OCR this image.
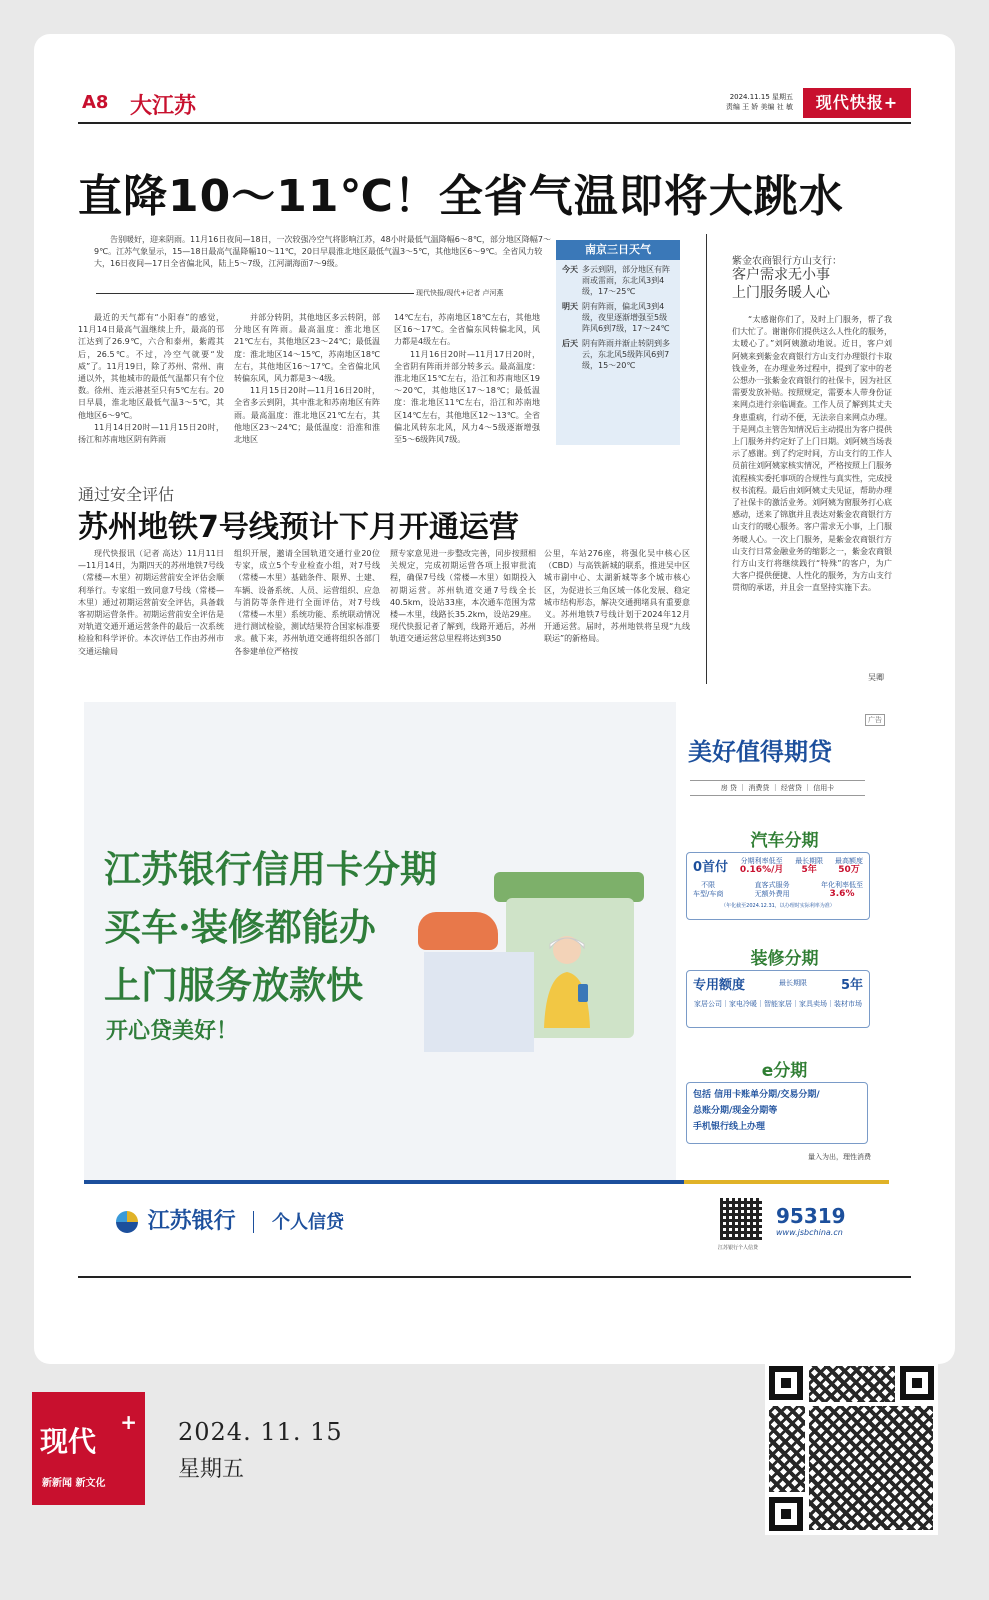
A8 大江苏	2024.11.15 星期五
责编 王 娇 美编 社 敏	现代快报+
直降10～11℃！全省气温即将大跳水
告别暖好，迎来阴雨。11月16日夜间—18日，一次较强冷空气将影响江苏，48小时最低气温降幅6～8℃，部分地区降幅7～9℃。江苏气象显示，15—18日最高气温降幅10～11℃，20日早晨淮北地区最低气温3～5℃，其他地区6～9℃。全省风力较大，16日夜间—17日全省偏北风，陆上5～7级，江河湖海面7～9级。
现代快报/现代+记者 卢河燕

最近的天气都有“小阳春”的感觉，11月14日最高气温继续上升，最高的邗江达到了26.9℃，六合和泰州，紫霞其后，26.5℃。不过，冷空气就要“发威”了。11月19日，除了苏州、常州、南通以外，其他城市的最低气温都只有个位数。徐州、连云港甚至只有5℃左右。20日早晨，淮北地区最低气温3～5℃，其他地区6～9℃。

11月14日20时—11月15日20时，扬江和苏南地区阴有阵雨

并部分转阴，其他地区多云转阴，部分地区有阵雨。最高温度：淮北地区21℃左右，其他地区23～24℃；最低温度：淮北地区14～15℃，苏南地区18℃左右，其他地区16～17℃。全省偏北风转偏东风，风力都是3～4级。

11月15日20时—11月16日20时，全省多云到阴，其中淮北和苏南地区有阵雨。最高温度：淮北地区21℃左右，其他地区23～24℃；最低温度：沿淮和淮北地区

14℃左右，苏南地区18℃左右，其他地区16～17℃。全省偏东风转偏北风，风力都是4级左右。

11月16日20时—11月17日20时，全省阴有阵雨并部分转多云。最高温度：淮北地区15℃左右，沿江和苏南地区19～20℃，其他地区17～18℃；最低温度：淮北地区11℃左右，沿江和苏南地区14℃左右，其他地区12～13℃。全省偏北风转东北风，风力4～5级逐渐增强至5～6级阵风7级。

南京三日天气
今天 多云到阴，部分地区有阵雨或雷雨，东北风3到4级，17～25℃
明天 阴有阵雨，偏北风3到4级，夜里逐渐增强至5级阵风6到7级，17～24℃
后天 阴有阵雨并渐止转阴到多云，东北风5级阵风6到7级，15～20℃
紫金农商银行方山支行：
客户需求无小事
上门服务暖人心

“太感谢你们了，及时上门服务，帮了我们大忙了。谢谢你们提供这么人性化的服务，太暖心了。”刘阿姨激动地说。近日，客户刘阿姨来到紫金农商银行方山支行办理银行卡取钱业务，在办理业务过程中，提到了家中的老公想办一张紫金农商银行的社保卡，因为社区需要发放补贴。按照规定，需要本人带身份证来网点进行亲临调查。工作人员了解到其丈夫身患重病，行动不便，无法亲自来网点办理。于是网点主管告知情况后主动提出为客户提供上门服务并约定好了上门日期。刘阿姨当场表示了感谢。到了约定时间，方山支行的工作人员前往刘阿姨家核实情况，严格按照上门服务流程核实委托事项的合规性与真实性，完成授权书流程。最后由刘阿姨丈夫见证，帮助办理了社保卡的激活业务。刘阿姨为窗服务打心底感动，送来了锦旗并且表达对紫金农商银行方山支行的暖心服务。客户需求无小事，上门服务暖人心。一次上门服务，是紫金农商银行方山支行日常金融业务的缩影之一，紫金农商银行方山支行将继续践行“特殊”的客户，为广大客户提供便捷、人性化的服务，为方山支行贯彻的承诺，并且会一直坚持实施下去。

吴卿
通过安全评估
苏州地铁7号线预计下月开通运营

现代快报讯（记者 高达）11月11日—11月14日，为期四天的苏州地铁7号线（常楼—木里）初期运营前安全评估会顺利举行。专家组一致同意7号线（常楼—木里）通过初期运营前安全评估，具备载客初期运营条件。初期运营前安全评估是对轨道交通开通运营条件的最后一次系统检验和科学评价。本次评估工作由苏州市交通运输局

组织开展，邀请全国轨道交通行业20位专家，成立5个专业检查小组，对7号线（常楼—木里）基础条件、限界、土建、车辆、设备系统、人员、运营组织、应急与消防等条件进行全面评估，对7号线（常楼—木里）系统功能、系统联动情况进行测试检验，测试结果符合国家标准要求。截下来，苏州轨道交通将组织各部门各参建单位严格按

照专家意见进一步整改完善，同步按照相关规定，完成初期运营各项上报审批流程，确保7号线（常楼—木里）如期投入初期运营。苏州轨道交通7号线全长40.5km，设站33座，本次通车范围为常楼—木里，线路长35.2km，设站29座。现代快报记者了解到，线路开通后，苏州轨道交通运营总里程将达到350

公里，车站276座，将强化吴中核心区（CBD）与高铁新城的联系，推进吴中区城市副中心、太湖新城等多个城市核心区，为促进长三角区域一体化发展、稳定城市结构形态，解决交通拥堵具有重要意义。苏州地铁7号线计划于2024年12月开通运营。届时，苏州地铁将呈现“九线联运”的新格局。

江苏银行信用卡分期
买车·装修都能办
上门服务放款快
开心贷美好！
广告
美好值得期贷
房 贷 ｜ 消费贷 ｜ 经营贷 ｜ 信用卡
汽车分期
0首付 分期利率低至
0.16%/月
最长期限
5年
最高额度
50万
不限
车型/车商
直客式服务
无额外费用
年化利率低至
3.6%
（年化截至2024.12.31，以办理时实际利率为准）
装修分期
专用额度	最长期限	5年
家居公司｜家电冷暖｜智能家居｜家具卖场｜装材市场
e分期
包括 信用卡账单分期/交易分期/
总账分期/现金分期等
手机银行线上办理
量入为出，理性消费
江苏银行 个人信贷
江苏银行个人信贷
95319
www.jsbchina.cn
现代
+
新新闻 新文化
2024. 11. 15
星期五
